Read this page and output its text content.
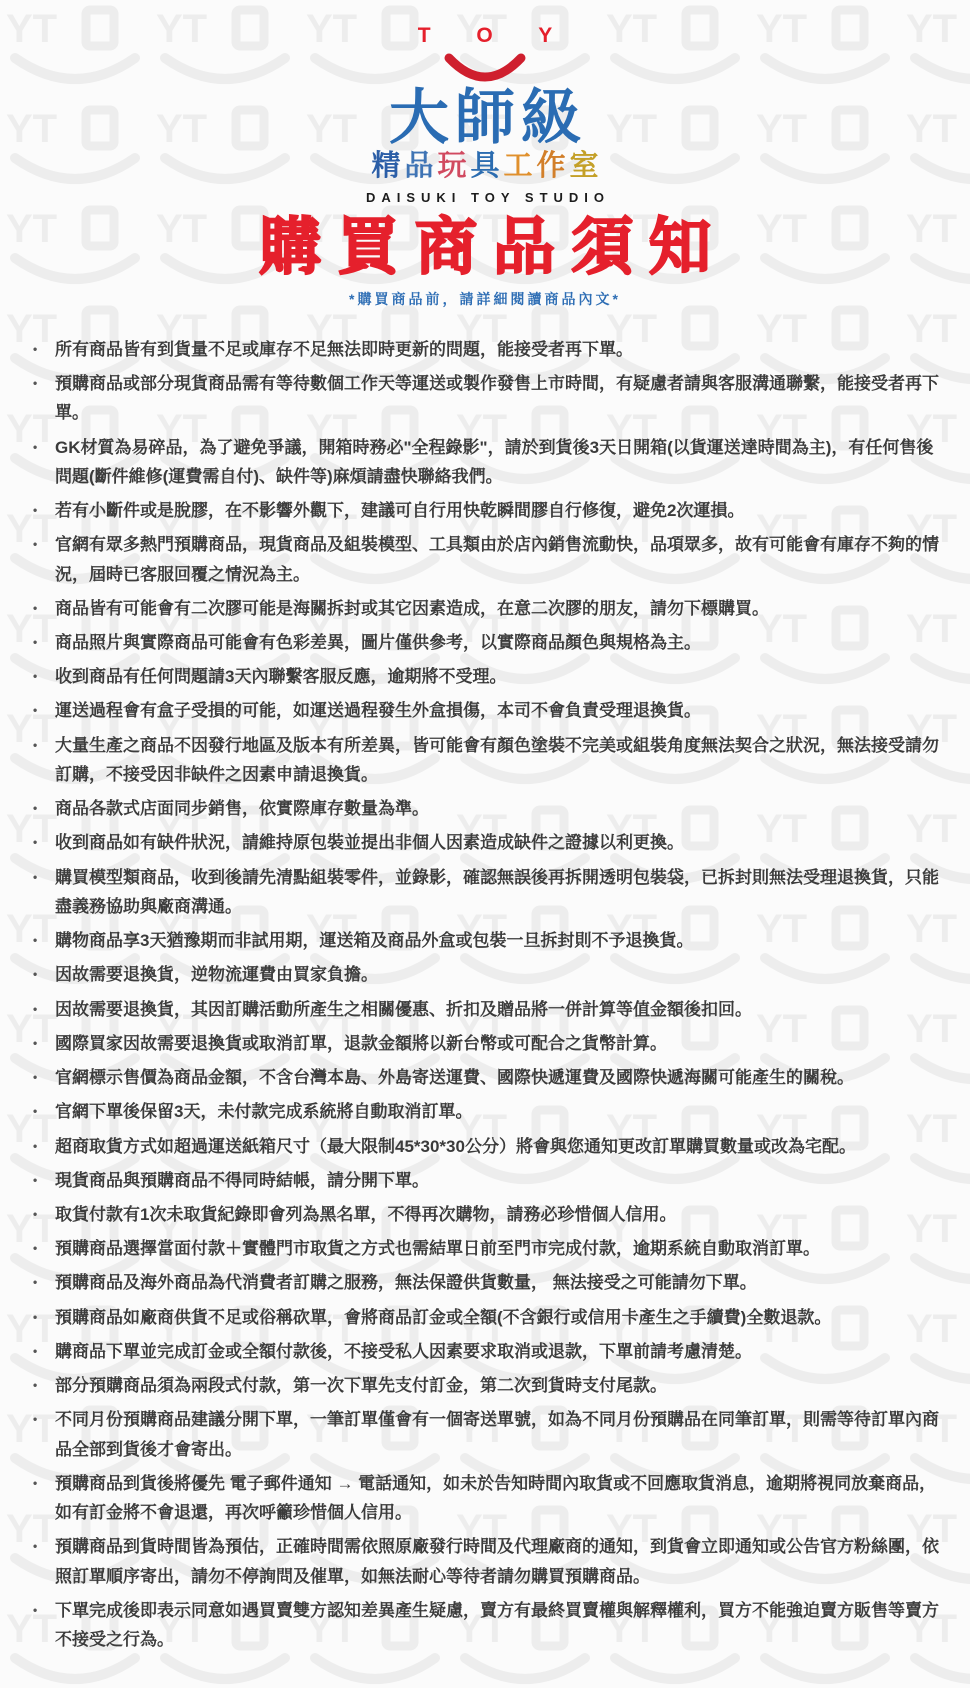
T O Y
大師級
精品玩具工作室
DAISUKI TOY STUDIO
購買商品須知
*購買商品前，請詳細閱讀商品內文*
•	所有商品皆有到貨量不足或庫存不足無法即時更新的問題，能接受者再下單。
•	預購商品或部分現貨商品需有等待數個工作天等運送或製作發售上市時間，有疑慮者請與客服溝通聯繫，能接受者再下單。
•	GK材質為易碎品，為了避免爭議，開箱時務必"全程錄影"，請於到貨後3天日開箱(以貨運送達時間為主)，有任何售後問題(斷件維修(運費需自付)、缺件等)麻煩請盡快聯絡我們。
•	若有小斷件或是脫膠，在不影響外觀下，建議可自行用快乾瞬間膠自行修復，避免2次運損。
•	官網有眾多熱門預購商品，現貨商品及組裝模型、工具類由於店內銷售流動快，品項眾多，故有可能會有庫存不夠的情況，屆時已客服回覆之情況為主。
•	商品皆有可能會有二次膠可能是海關拆封或其它因素造成，在意二次膠的朋友，請勿下標購買。
•	商品照片與實際商品可能會有色彩差異，圖片僅供參考，以實際商品顏色與規格為主。
•	收到商品有任何問題請3天內聯繫客服反應，逾期將不受理。
•	運送過程會有盒子受損的可能，如運送過程發生外盒損傷，本司不會負責受理退換貨。
•	大量生產之商品不因發行地區及版本有所差異，皆可能會有顏色塗裝不完美或組裝角度無法契合之狀況，無法接受請勿訂購，不接受因非缺件之因素申請退換貨。
•	商品各款式店面同步銷售，依實際庫存數量為準。
•	收到商品如有缺件狀況，請維持原包裝並提出非個人因素造成缺件之證據以利更換。
•	購買模型類商品，收到後請先清點組裝零件，並錄影，確認無誤後再拆開透明包裝袋，已拆封則無法受理退換貨，只能盡義務協助與廠商溝通。
•	購物商品享3天猶豫期而非試用期，運送箱及商品外盒或包裝一旦拆封則不予退換貨。
•	因故需要退換貨，逆物流運費由買家負擔。
•	因故需要退換貨，其因訂購活動所產生之相關優惠、折扣及贈品將一併計算等值金額後扣回。
•	國際買家因故需要退換貨或取消訂單，退款金額將以新台幣或可配合之貨幣計算。
•	官網標示售價為商品金額，不含台灣本島、外島寄送運費、國際快遞運費及國際快遞海關可能產生的關稅。
•	官網下單後保留3天，未付款完成系統將自動取消訂單。
•	超商取貨方式如超過運送紙箱尺寸（最大限制45*30*30公分）將會與您通知更改訂單購買數量或改為宅配。
•	現貨商品與預購商品不得同時結帳，請分開下單。
•	取貨付款有1次未取貨紀錄即會列為黑名單，不得再次購物，請務必珍惜個人信用。
•	預購商品選擇當面付款＋實體門市取貨之方式也需結單日前至門市完成付款，逾期系統自動取消訂單。
•	預購商品及海外商品為代消費者訂購之服務，無法保證供貨數量， 無法接受之可能請勿下單。
•	預購商品如廠商供貨不足或俗稱砍單，會將商品訂金或全額(不含銀行或信用卡產生之手續費)全數退款。
•	購商品下單並完成訂金或全額付款後，不接受私人因素要求取消或退款，下單前請考慮清楚。
•	部分預購商品須為兩段式付款，第一次下單先支付訂金，第二次到貨時支付尾款。
•	不同月份預購商品建議分開下單，一筆訂單僅會有一個寄送單號，如為不同月份預購品在同筆訂單，則需等待訂單內商品全部到貨後才會寄出。
•	預購商品到貨後將優先 電子郵件通知 → 電話通知，如未於告知時間內取貨或不回應取貨消息，逾期將視同放棄商品，如有訂金將不會退還，再次呼籲珍惜個人信用。
•	預購商品到貨時間皆為預估，正確時間需依照原廠發行時間及代理廠商的通知，到貨會立即通知或公告官方粉絲團，依照訂單順序寄出，請勿不停詢問及催單，如無法耐心等待者請勿購買預購商品。
•	下單完成後即表示同意如遇買賣雙方認知差異產生疑慮，賣方有最終買賣權與解釋權利，買方不能強迫賣方販售等賣方不接受之行為。
